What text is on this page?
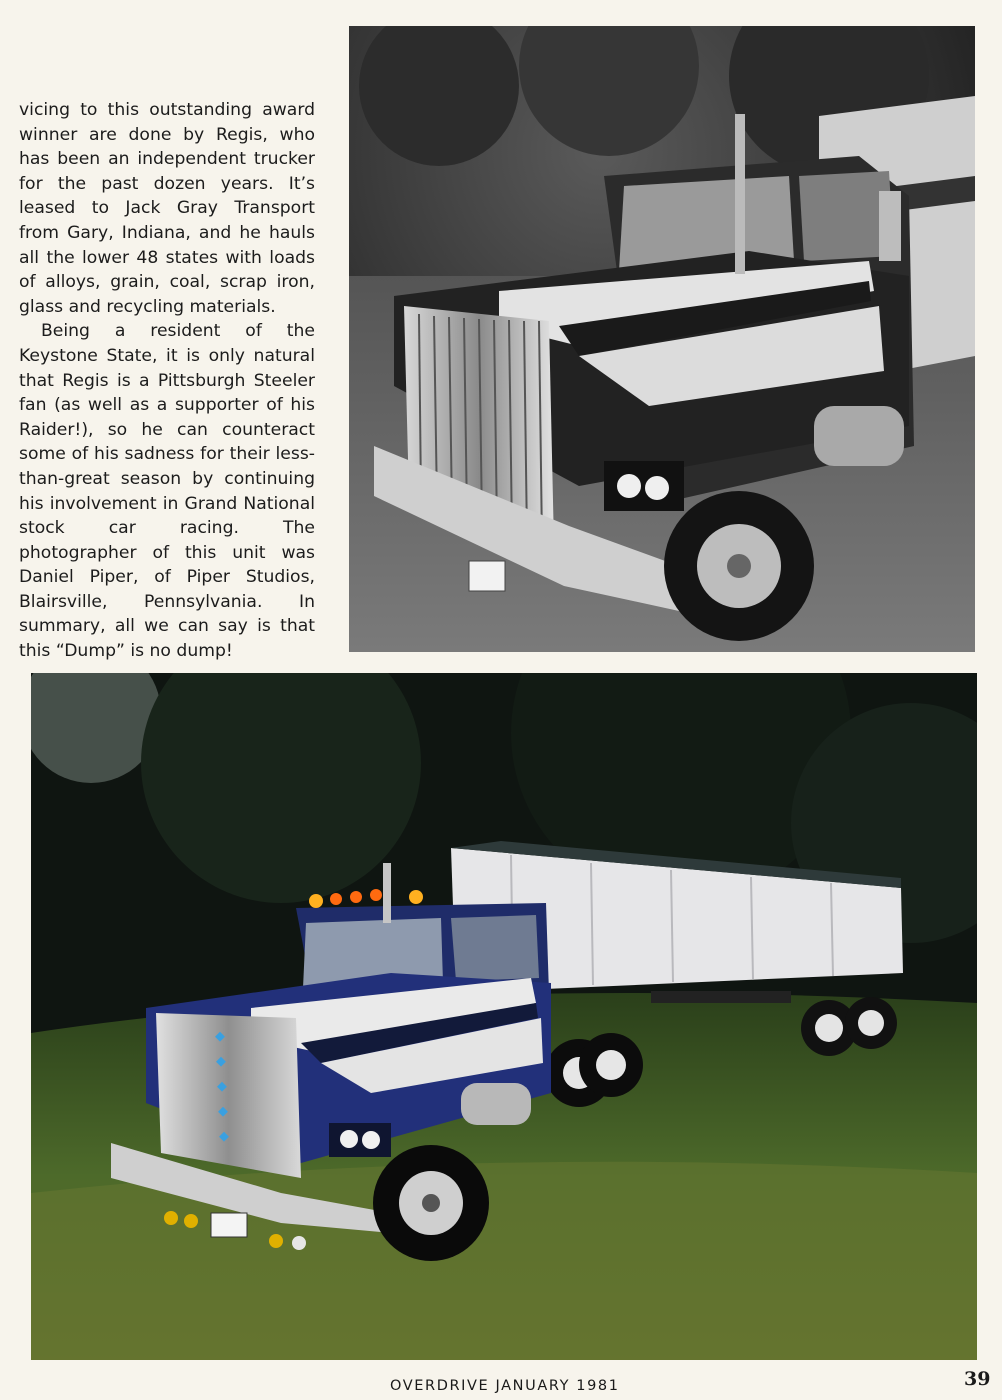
vicing to this outstanding award winner are done by Regis, who has been an independent trucker for the past dozen years. It’s leased to Jack Gray Transport from Gary, Indiana, and he hauls all the lower 48 states with loads of alloys, grain, coal, scrap iron, glass and recycling materials.

Being a resident of the Keystone State, it is only natural that Regis is a Pittsburgh Steeler fan (as well as a supporter of his Raider!), so he can counteract some of his sadness for their less-than-great season by continuing his involvement in Grand National stock car racing. The photographer of this unit was Daniel Piper, of Piper Studios, Blairsville, Pennsylvania. In summary, all we can say is that this “Dump” is no dump!

OVERDRIVE JANUARY 1981	39
